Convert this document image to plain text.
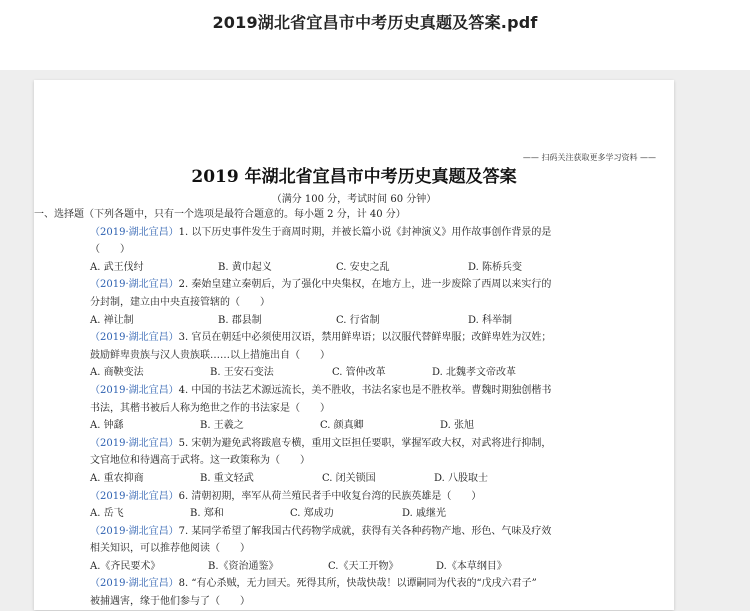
2019湖北省宜昌市中考历史真题及答案.pdf
—— 扫码关注获取更多学习资料 ——
2019 年湖北省宜昌市中考历史真题及答案
（满分 100 分，考试时间 60 分钟）
一、选择题（下列各题中，只有一个选项是最符合题意的。每小题 2 分，计 40 分）
（2019·湖北宜昌）1. 以下历史事件发生于商周时期，并被长篇小说《封神演义》用作故事创作背景的是
（　　）
A. 武王伐纣	B. 黄巾起义	C. 安史之乱	D. 陈桥兵变
（2019·湖北宜昌）2. 秦始皇建立秦朝后，为了强化中央集权，在地方上，进一步废除了西周以来实行的
分封制，建立由中央直接管辖的（　　）
A. 禅让制	B. 郡县制	C. 行省制	D. 科举制
（2019·湖北宜昌）3. 官员在朝廷中必须使用汉语，禁用鲜卑语；以汉服代替鲜卑服；改鲜卑姓为汉姓；
鼓励鲜卑贵族与汉人贵族联……以上措施出自（　　）
A. 商鞅变法	B. 王安石变法	C. 管仲改革	D. 北魏孝文帝改革
（2019·湖北宜昌）4. 中国的书法艺术源远流长，美不胜收，书法名家也是不胜枚举。曹魏时期独创楷书
书法，其楷书被后人称为绝世之作的书法家是（　　）
A. 钟繇	B. 王羲之	C. 颜真卿	D. 张旭
（2019·湖北宜昌）5. 宋朝为避免武将跋扈专横，重用文臣担任要职，掌握军政大权，对武将进行抑制，
文官地位和待遇高于武将。这一政策称为（　　）
A. 重农抑商	B. 重文轻武	C. 闭关锁国	D. 八股取士
（2019·湖北宜昌）6. 清朝初期，率军从荷兰殖民者手中收复台湾的民族英雄是（　　）
A. 岳飞	B. 郑和	C. 郑成功	D. 戚继光
（2019·湖北宜昌）7. 某同学希望了解我国古代药物学成就，获得有关各种药物产地、形色、气味及疗效
相关知识，可以推荐他阅读（　　）
A.《齐民要术》	B.《资治通鉴》	C.《天工开物》	D.《本草纲目》
（2019·湖北宜昌）8. “有心杀贼，无力回天。死得其所，快哉快哉！以谭嗣同为代表的“戊戌六君子”
被捕遇害，缘于他们参与了（　　）
